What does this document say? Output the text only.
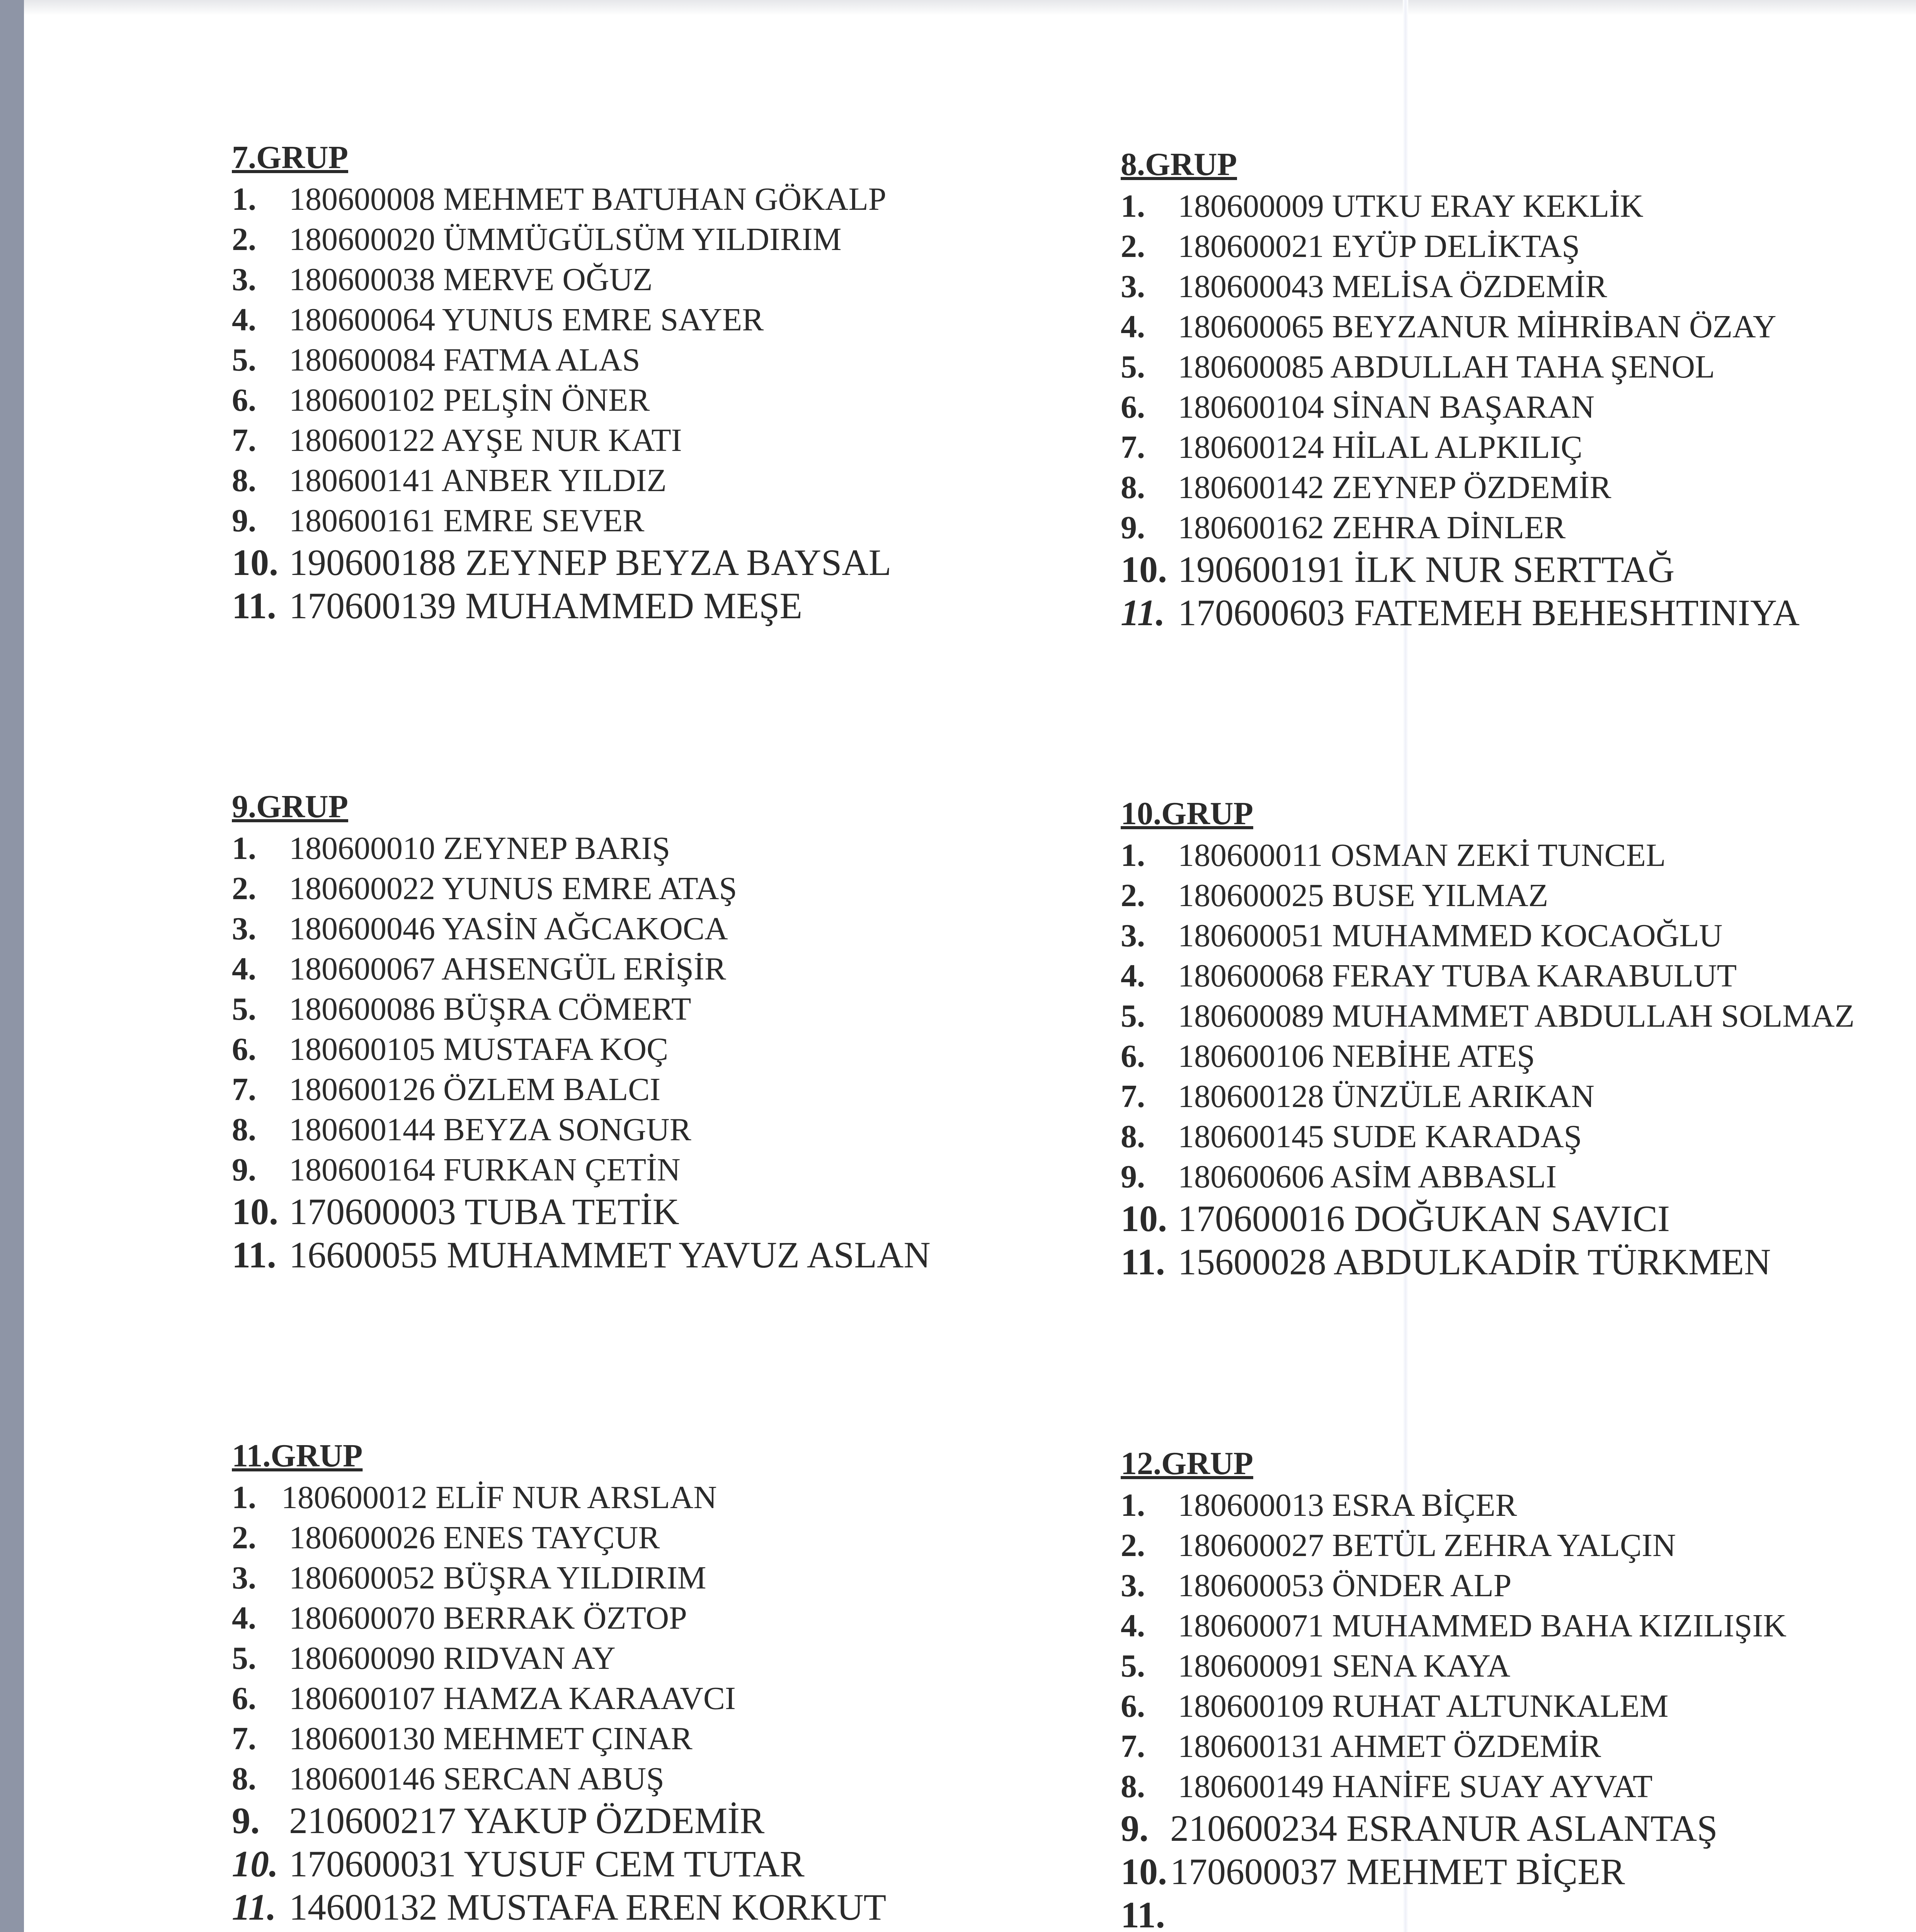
7.GRUP
1. 180600008 MEHMET BATUHAN GÖKALP
2. 180600020 ÜMMÜGÜLSÜM YILDIRIM
3. 180600038 MERVE OĞUZ
4. 180600064 YUNUS EMRE SAYER
5. 180600084 FATMA ALAS
6. 180600102 PELŞİN ÖNER
7. 180600122 AYŞE NUR KATI
8. 180600141 ANBER YILDIZ
9. 180600161 EMRE SEVER
10. 190600188 ZEYNEP BEYZA BAYSAL
11. 170600139 MUHAMMED MEŞE
8.GRUP
1. 180600009 UTKU ERAY KEKLİK
2. 180600021 EYÜP DELİKTAŞ
3. 180600043 MELİSA ÖZDEMİR
4. 180600065 BEYZANUR MİHRİBAN ÖZAY
5. 180600085 ABDULLAH TAHA ŞENOL
6. 180600104 SİNAN BAŞARAN
7. 180600124 HİLAL ALPKILIÇ
8. 180600142 ZEYNEP ÖZDEMİR
9. 180600162 ZEHRA DİNLER
10. 190600191 İLK NUR SERTTAĞ
11. 170600603 FATEMEH BEHESHTINIYA
9.GRUP
1. 180600010 ZEYNEP BARIŞ
2. 180600022 YUNUS EMRE ATAŞ
3. 180600046 YASİN AĞCAKOCA
4. 180600067 AHSENGÜL ERİŞİR
5. 180600086 BÜŞRA CÖMERT
6. 180600105 MUSTAFA KOÇ
7. 180600126 ÖZLEM BALCI
8. 180600144 BEYZA SONGUR
9. 180600164 FURKAN ÇETİN
10. 170600003 TUBA TETİK
11. 16600055 MUHAMMET YAVUZ ASLAN
10.GRUP
1. 180600011 OSMAN ZEKİ TUNCEL
2. 180600025 BUSE YILMAZ
3. 180600051 MUHAMMED KOCAOĞLU
4. 180600068 FERAY TUBA KARABULUT
5. 180600089 MUHAMMET ABDULLAH SOLMAZ
6. 180600106 NEBİHE ATEŞ
7. 180600128 ÜNZÜLE ARIKAN
8. 180600145 SUDE KARADAŞ
9. 180600606 ASİM ABBASLI
10. 170600016 DOĞUKAN SAVICI
11. 15600028 ABDULKADİR TÜRKMEN
11.GRUP
1. 180600012 ELİF NUR ARSLAN
2. 180600026 ENES TAYÇUR
3. 180600052 BÜŞRA YILDIRIM
4. 180600070 BERRAK ÖZTOP
5. 180600090 RIDVAN AY
6. 180600107 HAMZA KARAAVCI
7. 180600130 MEHMET ÇINAR
8. 180600146 SERCAN ABUŞ
9. 210600217 YAKUP ÖZDEMİR
10. 170600031 YUSUF CEM TUTAR
11. 14600132 MUSTAFA EREN KORKUT
12.GRUP
1. 180600013 ESRA BİÇER
2. 180600027 BETÜL ZEHRA YALÇIN
3. 180600053 ÖNDER ALP
4. 180600071 MUHAMMED BAHA KIZILIŞIK
5. 180600091 SENA KAYA
6. 180600109 RUHAT ALTUNKALEM
7. 180600131 AHMET ÖZDEMİR
8. 180600149 HANİFE SUAY AYVAT
9. 210600234 ESRANUR ASLANTAŞ
10.170600037 MEHMET BİÇER
11.
